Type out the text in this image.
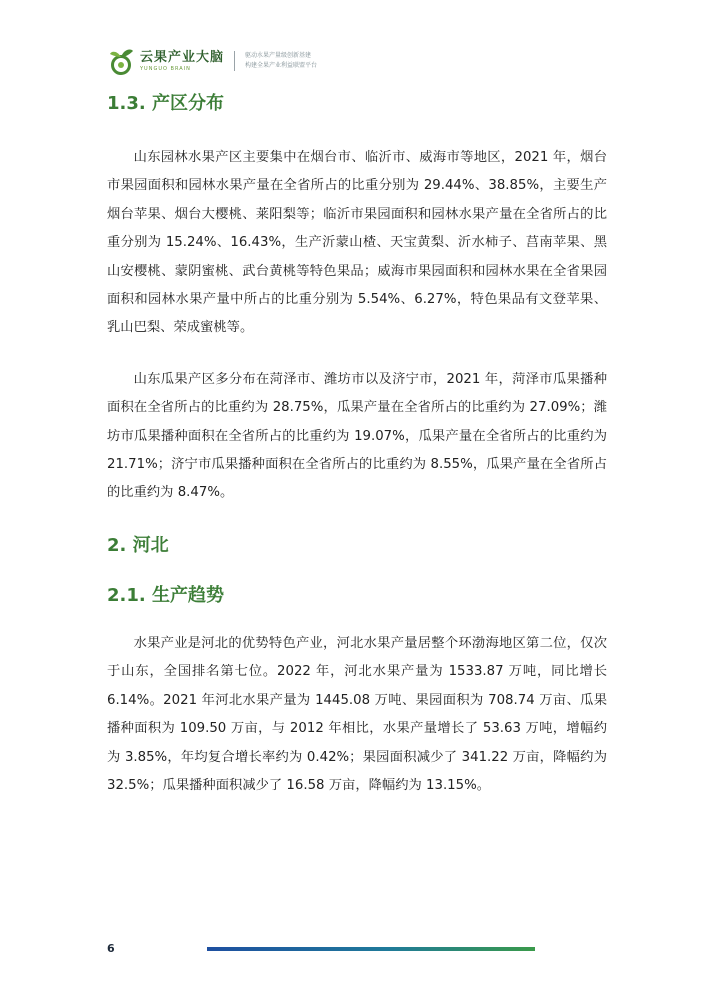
云果产业大脑
YUNGUO BRAIN
驱动水果产量级创新基建
构建全果产业利益联盟平台
1.3. 产区分布

山东园林水果产区主要集中在烟台市、临沂市、威海市等地区，2021 年，烟台市果园面积和园林水果产量在全省所占的比重分别为 29.44%、38.85%，主要生产烟台苹果、烟台大樱桃、莱阳梨等；临沂市果园面积和园林水果产量在全省所占的比重分别为 15.24%、16.43%，生产沂蒙山楂、天宝黄梨、沂水柿子、莒南苹果、黑山安樱桃、蒙阴蜜桃、武台黄桃等特色果品；威海市果园面积和园林水果在全省果园面积和园林水果产量中所占的比重分别为 5.54%、6.27%，特色果品有文登苹果、乳山巴梨、荣成蜜桃等。

山东瓜果产区多分布在菏泽市、潍坊市以及济宁市，2021 年，菏泽市瓜果播种面积在全省所占的比重约为 28.75%，瓜果产量在全省所占的比重约为 27.09%；潍坊市瓜果播种面积在全省所占的比重约为 19.07%，瓜果产量在全省所占的比重约为 21.71%；济宁市瓜果播种面积在全省所占的比重约为 8.55%，瓜果产量在全省所占的比重约为 8.47%。

2. 河北
2.1. 生产趋势

水果产业是河北的优势特色产业，河北水果产量居整个环渤海地区第二位，仅次于山东，全国排名第七位。2022 年，河北水果产量为 1533.87 万吨，同比增长 6.14%。2021 年河北水果产量为 1445.08 万吨、果园面积为 708.74 万亩、瓜果播种面积为 109.50 万亩，与 2012 年相比，水果产量增长了 53.63 万吨，增幅约为 3.85%，年均复合增长率约为 0.42%；果园面积减少了 341.22 万亩，降幅约为 32.5%；瓜果播种面积减少了 16.58 万亩，降幅约为 13.15%。

6
